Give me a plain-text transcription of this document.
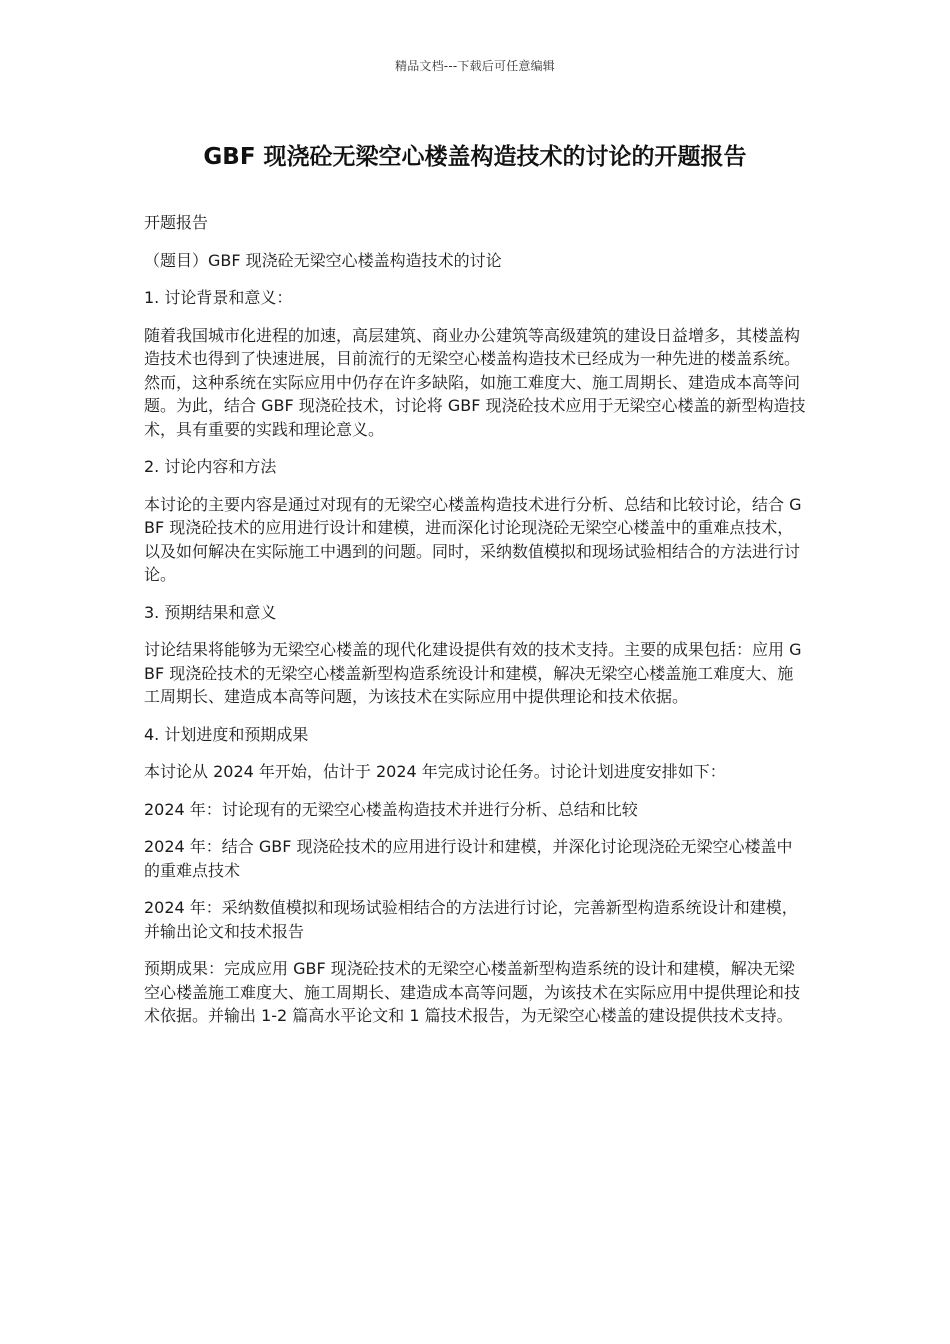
精品文档---下载后可任意编辑
GBF 现浇砼无梁空心楼盖构造技术的讨论的开题报告

开题报告

（题目）GBF 现浇砼无梁空心楼盖构造技术的讨论

1. 讨论背景和意义：

随着我国城市化进程的加速，高层建筑、商业办公建筑等高级建筑的建设日益增多，其楼盖构造技术也得到了快速进展，目前流行的无梁空心楼盖构造技术已经成为一种先进的楼盖系统。然而，这种系统在实际应用中仍存在许多缺陷，如施工难度大、施工周期长、建造成本高等问题。为此，结合 GBF 现浇砼技术，讨论将 GBF 现浇砼技术应用于无梁空心楼盖的新型构造技术，具有重要的实践和理论意义。

2. 讨论内容和方法

本讨论的主要内容是通过对现有的无梁空心楼盖构造技术进行分析、总结和比较讨论，结合 GBF 现浇砼技术的应用进行设计和建模，进而深化讨论现浇砼无梁空心楼盖中的重难点技术，以及如何解决在实际施工中遇到的问题。同时，采纳数值模拟和现场试验相结合的方法进行讨论。

3. 预期结果和意义

讨论结果将能够为无梁空心楼盖的现代化建设提供有效的技术支持。主要的成果包括：应用 GBF 现浇砼技术的无梁空心楼盖新型构造系统设计和建模，解决无梁空心楼盖施工难度大、施工周期长、建造成本高等问题，为该技术在实际应用中提供理论和技术依据。

4. 计划进度和预期成果

本讨论从 2024 年开始，估计于 2024 年完成讨论任务。讨论计划进度安排如下：

2024 年：讨论现有的无梁空心楼盖构造技术并进行分析、总结和比较

2024 年：结合 GBF 现浇砼技术的应用进行设计和建模，并深化讨论现浇砼无梁空心楼盖中的重难点技术

2024 年：采纳数值模拟和现场试验相结合的方法进行讨论，完善新型构造系统设计和建模，并输出论文和技术报告

预期成果：完成应用 GBF 现浇砼技术的无梁空心楼盖新型构造系统的设计和建模，解决无梁空心楼盖施工难度大、施工周期长、建造成本高等问题，为该技术在实际应用中提供理论和技术依据。并输出 1-2 篇高水平论文和 1 篇技术报告，为无梁空心楼盖的建设提供技术支持。
